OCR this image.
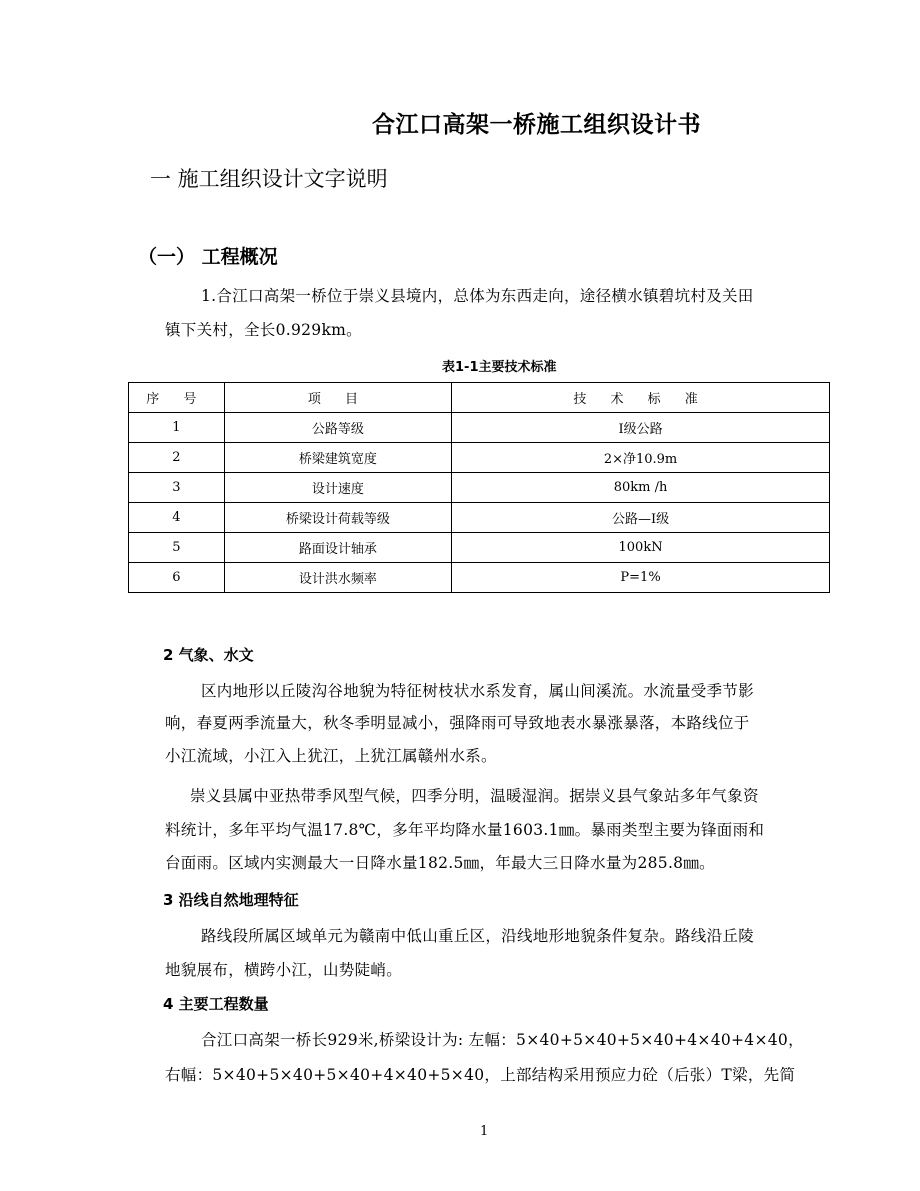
合江口高架一桥施工组织设计书
一 施工组织设计文字说明
（一） 工程概况
1.合江口高架一桥位于崇义县境内，总体为东西走向，途径横水镇碧坑村及关田
镇下关村，全长0.929km。
表1-1主要技术标准
序 号	项 目	技 术 标 准
1	公路等级	I级公路
2	桥梁建筑宽度	2×净10.9m
3	设计速度	80km /h
4	桥梁设计荷载等级	公路—I级
5	路面设计轴承	100kN
6	设计洪水频率	P=1%
2 气象、水文
区内地形以丘陵沟谷地貌为特征树枝状水系发育，属山间溪流。水流量受季节影
响，春夏两季流量大，秋冬季明显减小，强降雨可导致地表水暴涨暴落，本路线位于
小江流域，小江入上犹江，上犹江属赣州水系。
崇义县属中亚热带季风型气候，四季分明，温暖湿润。据崇义县气象站多年气象资
料统计，多年平均气温17.8℃，多年平均降水量1603.1㎜。暴雨类型主要为锋面雨和
台面雨。区域内实测最大一日降水量182.5㎜，年最大三日降水量为285.8㎜。
3 沿线自然地理特征
路线段所属区域单元为赣南中低山重丘区，沿线地形地貌条件复杂。路线沿丘陵
地貌展布，横跨小江，山势陡峭。
4 主要工程数量
合江口高架一桥长929米,桥梁设计为: 左幅：5×40+5×40+5×40+4×40+4×40，
右幅：5×40+5×40+5×40+4×40+5×40，上部结构采用预应力砼（后张）T梁，先简
1
